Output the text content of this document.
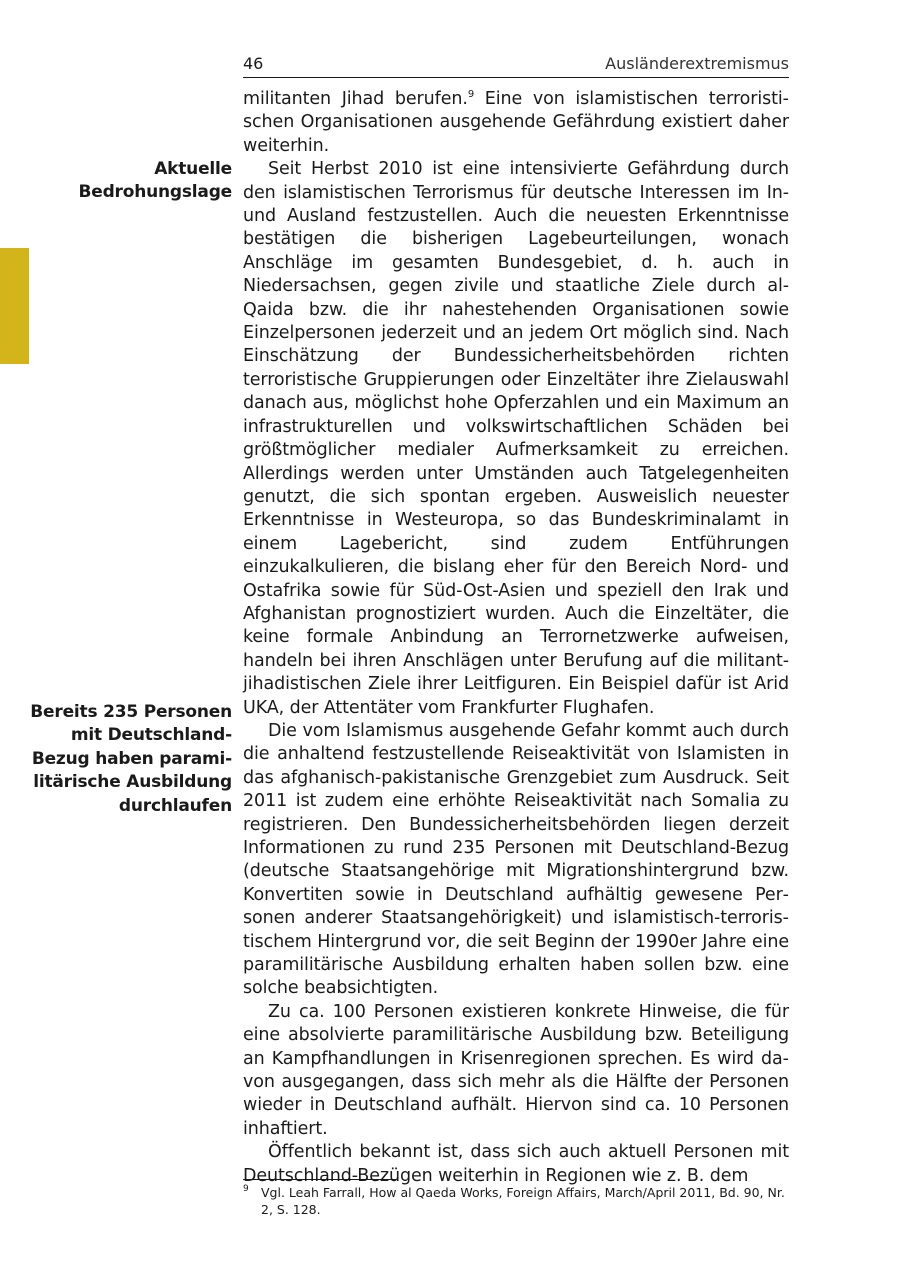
46	Ausländerextremismus
Aktuelle
Bedrohungslage
Bereits 235 Personen
mit Deutschland-
Bezug haben parami-
litärische Ausbildung
durchlaufen

militanten Jihad berufen.$^9$ Eine von islamistischen terroristischen Organisationen ausgehende Gefährdung existiert daher weiterhin.

Seit Herbst 2010 ist eine intensivierte Gefährdung durch den islamistischen Terrorismus für deutsche Interessen im In- und Ausland festzustellen. Auch die neuesten Erkenntnisse bestätigen die bisherigen Lagebeurteilungen, wonach Anschläge im gesamten Bundesgebiet, d. h. auch in Niedersachsen, gegen zivile und staatliche Ziele durch al-Qaida bzw. die ihr nahestehenden Organisationen sowie Einzelpersonen jederzeit und an jedem Ort möglich sind. Nach Einschätzung der Bundessicherheitsbehörden richten terroristische Gruppierungen oder Einzeltäter ihre Zielauswahl danach aus, möglichst hohe Opferzahlen und ein Maximum an infrastrukturellen und volkswirtschaftlichen Schäden bei größtmöglicher medialer Aufmerksamkeit zu erreichen. Allerdings werden unter Umständen auch Tatgelegenheiten genutzt, die sich spontan ergeben. Ausweislich neuester Erkenntnisse in Westeuropa, so das Bundeskriminalamt in einem Lagebericht, sind zudem Entführungen einzukalkulieren, die bislang eher für den Bereich Nord- und Ostafrika sowie für Süd-Ost-Asien und speziell den Irak und Afghanistan prognostiziert wurden. Auch die Einzeltäter, die keine formale Anbindung an Terrornetzwerke aufweisen, handeln bei ihren Anschlägen unter Berufung auf die militant-jihadistischen Ziele ihrer Leitfiguren. Ein Beispiel dafür ist Arid UKA, der Attentäter vom Frankfurter Flughafen.

Die vom Islamismus ausgehende Gefahr kommt auch durch die anhaltend festzustellende Reiseaktivität von Islamisten in das afghanisch-pakistanische Grenzgebiet zum Ausdruck. Seit 2011 ist zudem eine erhöhte Reiseaktivität nach Somalia zu registrieren. Den Bundessicherheitsbehörden liegen derzeit Informationen zu rund 235 Personen mit Deutschland-Bezug (deutsche Staatsangehörige mit Migrationshintergrund bzw. Konvertiten sowie in Deutschland aufhältig gewesene Personen anderer Staatsangehörigkeit) und islamistisch-terroristischem Hintergrund vor, die seit Beginn der 1990er Jahre eine paramilitärische Ausbildung erhalten haben sollen bzw. eine solche beabsichtigten.

Zu ca. 100 Personen existieren konkrete Hinweise, die für eine absolvierte paramilitärische Ausbildung bzw. Beteiligung an Kampfhandlungen in Krisenregionen sprechen. Es wird davon ausgegangen, dass sich mehr als die Hälfte der Personen wieder in Deutschland aufhält. Hiervon sind ca. 10 Personen inhaftiert.

Öffentlich bekannt ist, dass sich auch aktuell Personen mit Deutschland-Bezügen weiterhin in Regionen wie z. B. dem

9 Vgl. Leah Farrall, How al Qaeda Works, Foreign Affairs, March/April 2011, Bd. 90, Nr. 2, S. 128.
